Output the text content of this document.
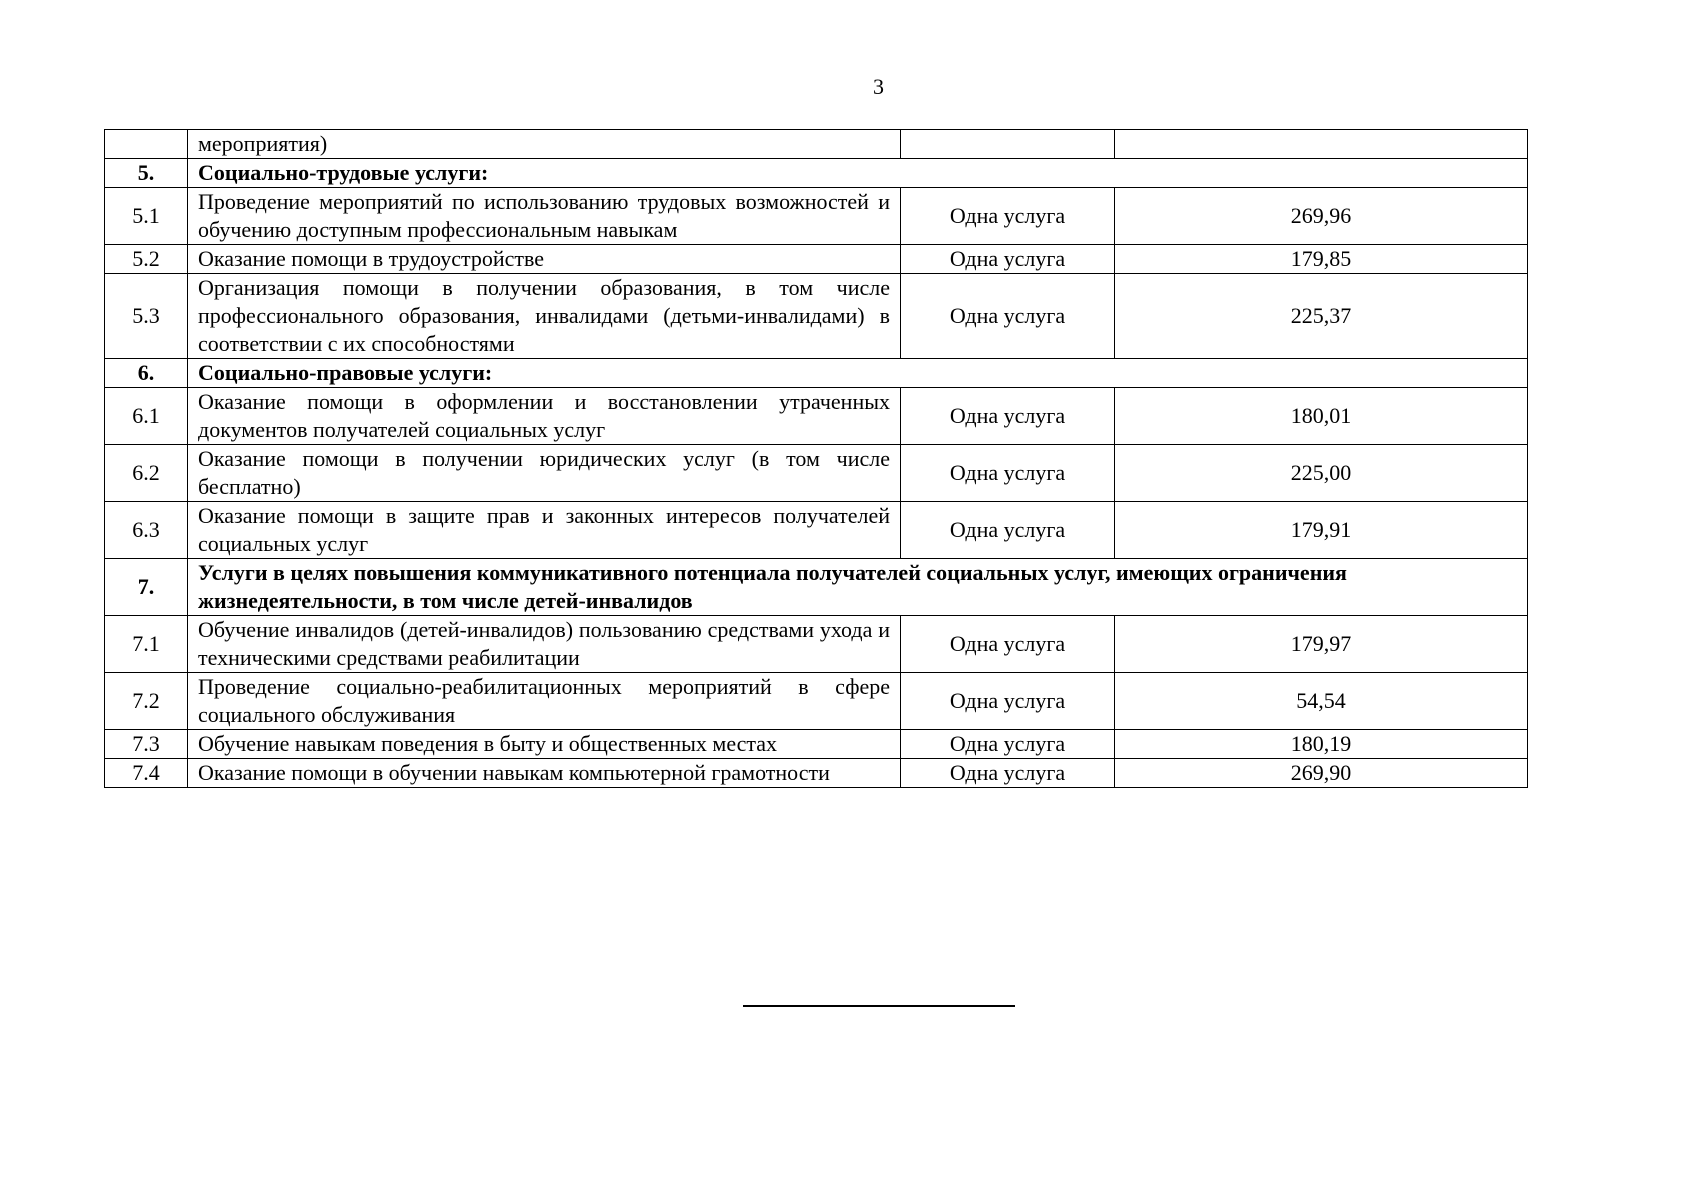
3
	мероприятия)		
5.	Социально-трудовые услуги:		
5.1	Проведение мероприятий по использованию трудовых возможностей и обучению доступным профессиональным навыкам	Одна услуга	269,96
5.2	Оказание помощи в трудоустройстве	Одна услуга	179,85
5.3	Организация помощи в получении образования, в том числе профессионального образования, инвалидами (детьми-инвалидами) в соответствии с их способностями	Одна услуга	225,37
6.	Социально-правовые услуги:		
6.1	Оказание помощи в оформлении и восстановлении утраченных документов получателей социальных услуг	Одна услуга	180,01
6.2	Оказание помощи в получении юридических услуг (в том числе бесплатно)	Одна услуга	225,00
6.3	Оказание помощи в защите прав и законных интересов получателей социальных услуг	Одна услуга	179,91
7.	Услуги в целях повышения коммуникативного потенциала получателей социальных услуг, имеющих ограничения жизнедеятельности, в том числе детей-инвалидов		
7.1	Обучение инвалидов (детей-инвалидов) пользованию средствами ухода и техническими средствами реабилитации	Одна услуга	179,97
7.2	Проведение социально-реабилитационных мероприятий в сфере социального обслуживания	Одна услуга	54,54
7.3	Обучение навыкам поведения в быту и общественных местах	Одна услуга	180,19
7.4	Оказание помощи в обучении навыкам компьютерной грамотности	Одна услуга	269,90
